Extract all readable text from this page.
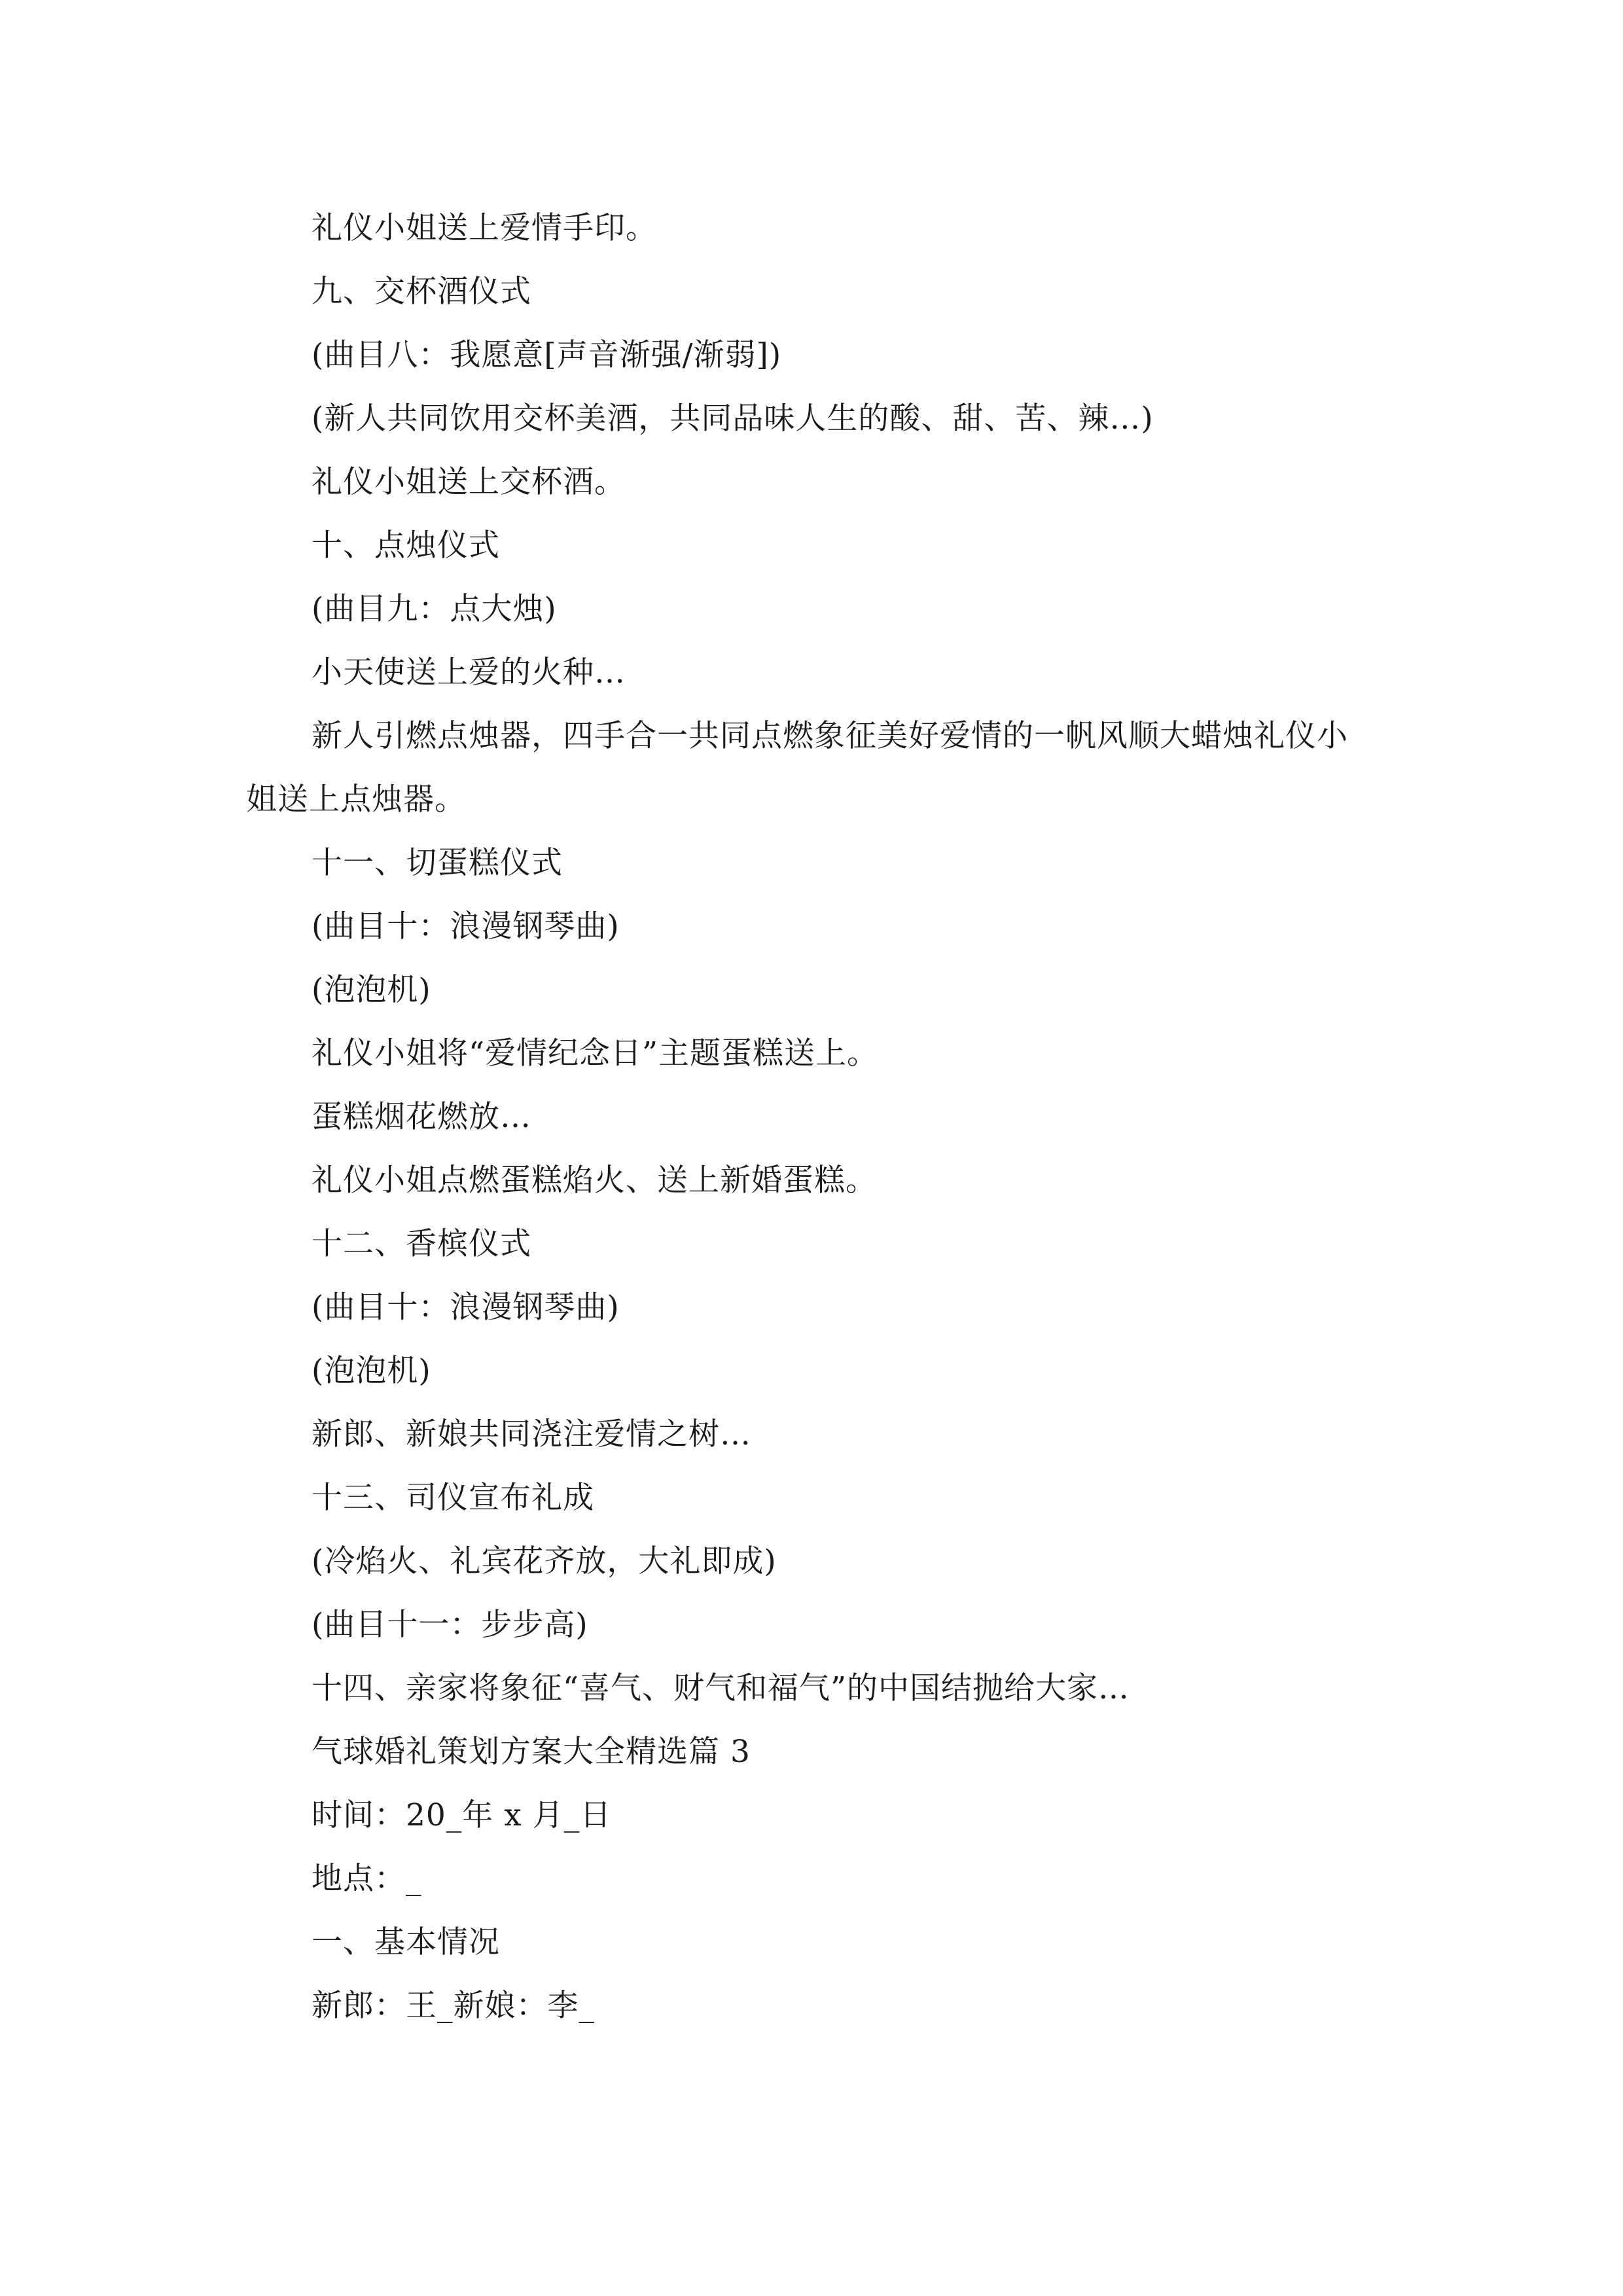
礼仪小姐送上爱情手印。
九、交杯酒仪式
(曲目八：我愿意[声音渐强/渐弱])
(新人共同饮用交杯美酒，共同品味人生的酸、甜、苦、辣…)
礼仪小姐送上交杯酒。
十、点烛仪式
(曲目九：点大烛)
小天使送上爱的火种…
新人引燃点烛器，四手合一共同点燃象征美好爱情的一帆风顺大蜡烛礼仪小
姐送上点烛器。
十一、切蛋糕仪式
(曲目十：浪漫钢琴曲)
(泡泡机)
礼仪小姐将“爱情纪念日”主题蛋糕送上。
蛋糕烟花燃放…
礼仪小姐点燃蛋糕焰火、送上新婚蛋糕。
十二、香槟仪式
(曲目十：浪漫钢琴曲)
(泡泡机)
新郎、新娘共同浇注爱情之树…
十三、司仪宣布礼成
(冷焰火、礼宾花齐放，大礼即成)
(曲目十一：步步高)
十四、亲家将象征“喜气、财气和福气”的中国结抛给大家…
气球婚礼策划方案大全精选篇 3
时间：20_年 x 月_日
地点：_
一、基本情况
新郎：王_新娘：李_
